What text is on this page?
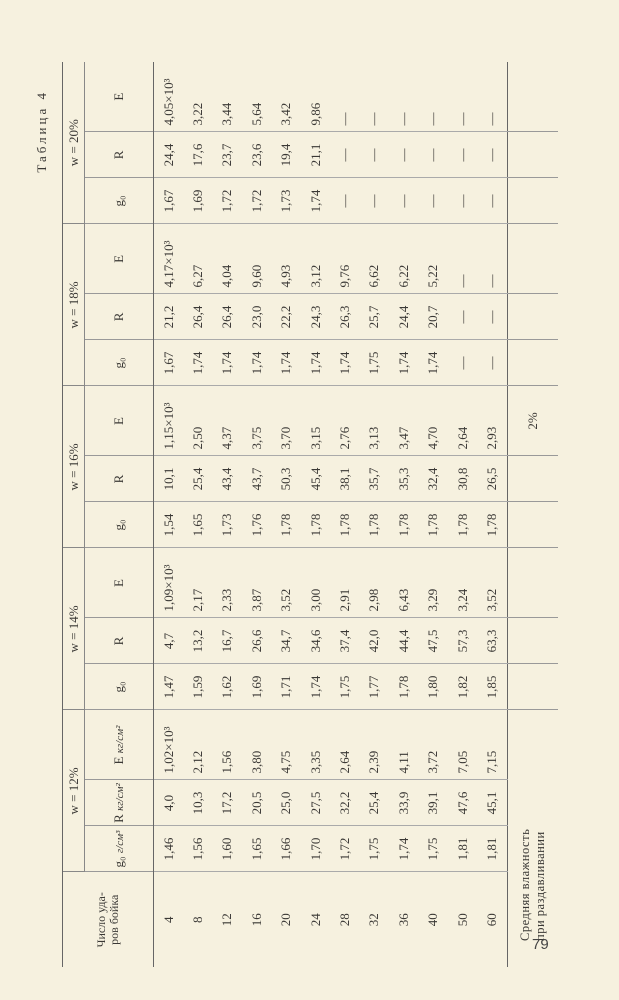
Таблица 4
Число уда- ров бойка	w = 12%			w = 14%			w = 16%			w = 18%			w = 20%		
	g₀ г/см³	R кг/см²	E кг/см²	g₀	R	E	g₀	R	E	g₀	R	E	g₀	R	E
4	1,46	4,0	1,02×10³	1,47	4,7	1,09×10³	1,54	10,1	1,15×10³	1,67	21,2	4,17×10³	1,67	24,4	4,05×10³
8	1,56	10,3	2,12	1,59	13,2	2,17	1,65	25,4	2,50	1,74	26,4	6,27	1,69	17,6	3,22
12	1,60	17,2	1,56	1,62	16,7	2,33	1,73	43,4	4,37	1,74	26,4	4,04	1,72	23,7	3,44
16	1,65	20,5	3,80	1,69	26,6	3,87	1,76	43,7	3,75	1,74	23,0	9,60	1,72	23,6	5,64
20	1,66	25,0	4,75	1,71	34,7	3,52	1,78	50,3	3,70	1,74	22,2	4,93	1,73	19,4	3,42
24	1,70	27,5	3,35	1,74	34,6	3,00	1,78	45,4	3,15	1,74	24,3	3,12	1,74	21,1	9,86
28	1,72	32,2	2,64	1,75	37,4	2,91	1,78	38,1	2,76	1,74	26,3	9,76	—	—	—
32	1,75	25,4	2,39	1,77	42,0	2,98	1,78	35,7	3,13	1,75	25,7	6,62	—	—	—
36	1,74	33,9	4,11	1,78	44,4	6,43	1,78	35,3	3,47	1,74	24,4	6,22	—	—	—
40	1,75	39,1	3,72	1,80	47,5	3,29	1,78	32,4	4,70	1,74	20,7	5,22	—	—	—
50	1,81	47,6	7,05	1,82	57,3	3,24	1,78	30,8	2,64	—	—	—	—	—	—
60	1,81	45,1	7,15	1,85	63,3	3,52	1,78	26,5	2,93	—	—	—	—	—	—

Средняя влажность при раздавливании									2%						
79
